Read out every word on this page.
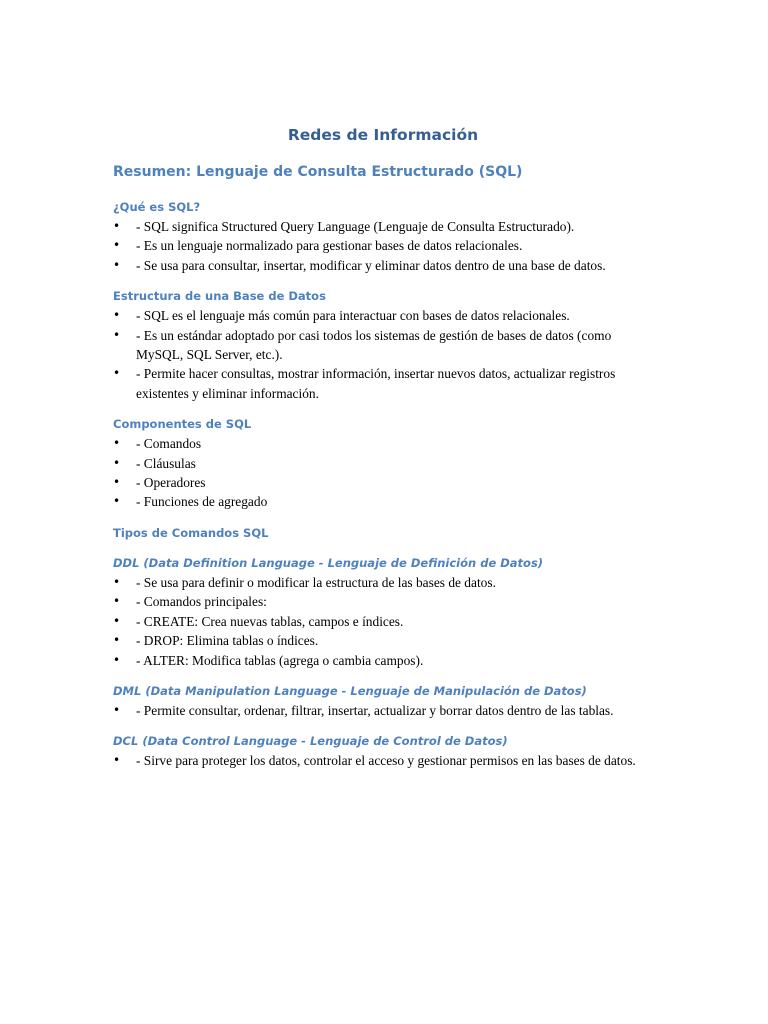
Redes de Información
Resumen: Lenguaje de Consulta Estructurado (SQL)
¿Qué es SQL?
• - SQL significa Structured Query Language (Lenguaje de Consulta Estructurado).
• - Es un lenguaje normalizado para gestionar bases de datos relacionales.
• - Se usa para consultar, insertar, modificar y eliminar datos dentro de una base de datos.
Estructura de una Base de Datos
• - SQL es el lenguaje más común para interactuar con bases de datos relacionales.
• - Es un estándar adoptado por casi todos los sistemas de gestión de bases de datos (como MySQL, SQL Server, etc.).
• - Permite hacer consultas, mostrar información, insertar nuevos datos, actualizar registros existentes y eliminar información.
Componentes de SQL
• - Comandos
• - Cláusulas
• - Operadores
• - Funciones de agregado
Tipos de Comandos SQL
DDL (Data Definition Language - Lenguaje de Definición de Datos)
• - Se usa para definir o modificar la estructura de las bases de datos.
• - Comandos principales:
• - CREATE: Crea nuevas tablas, campos e índices.
• - DROP: Elimina tablas o índices.
• - ALTER: Modifica tablas (agrega o cambia campos).
DML (Data Manipulation Language - Lenguaje de Manipulación de Datos)
• - Permite consultar, ordenar, filtrar, insertar, actualizar y borrar datos dentro de las tablas.
DCL (Data Control Language - Lenguaje de Control de Datos)
• - Sirve para proteger los datos, controlar el acceso y gestionar permisos en las bases de datos.
